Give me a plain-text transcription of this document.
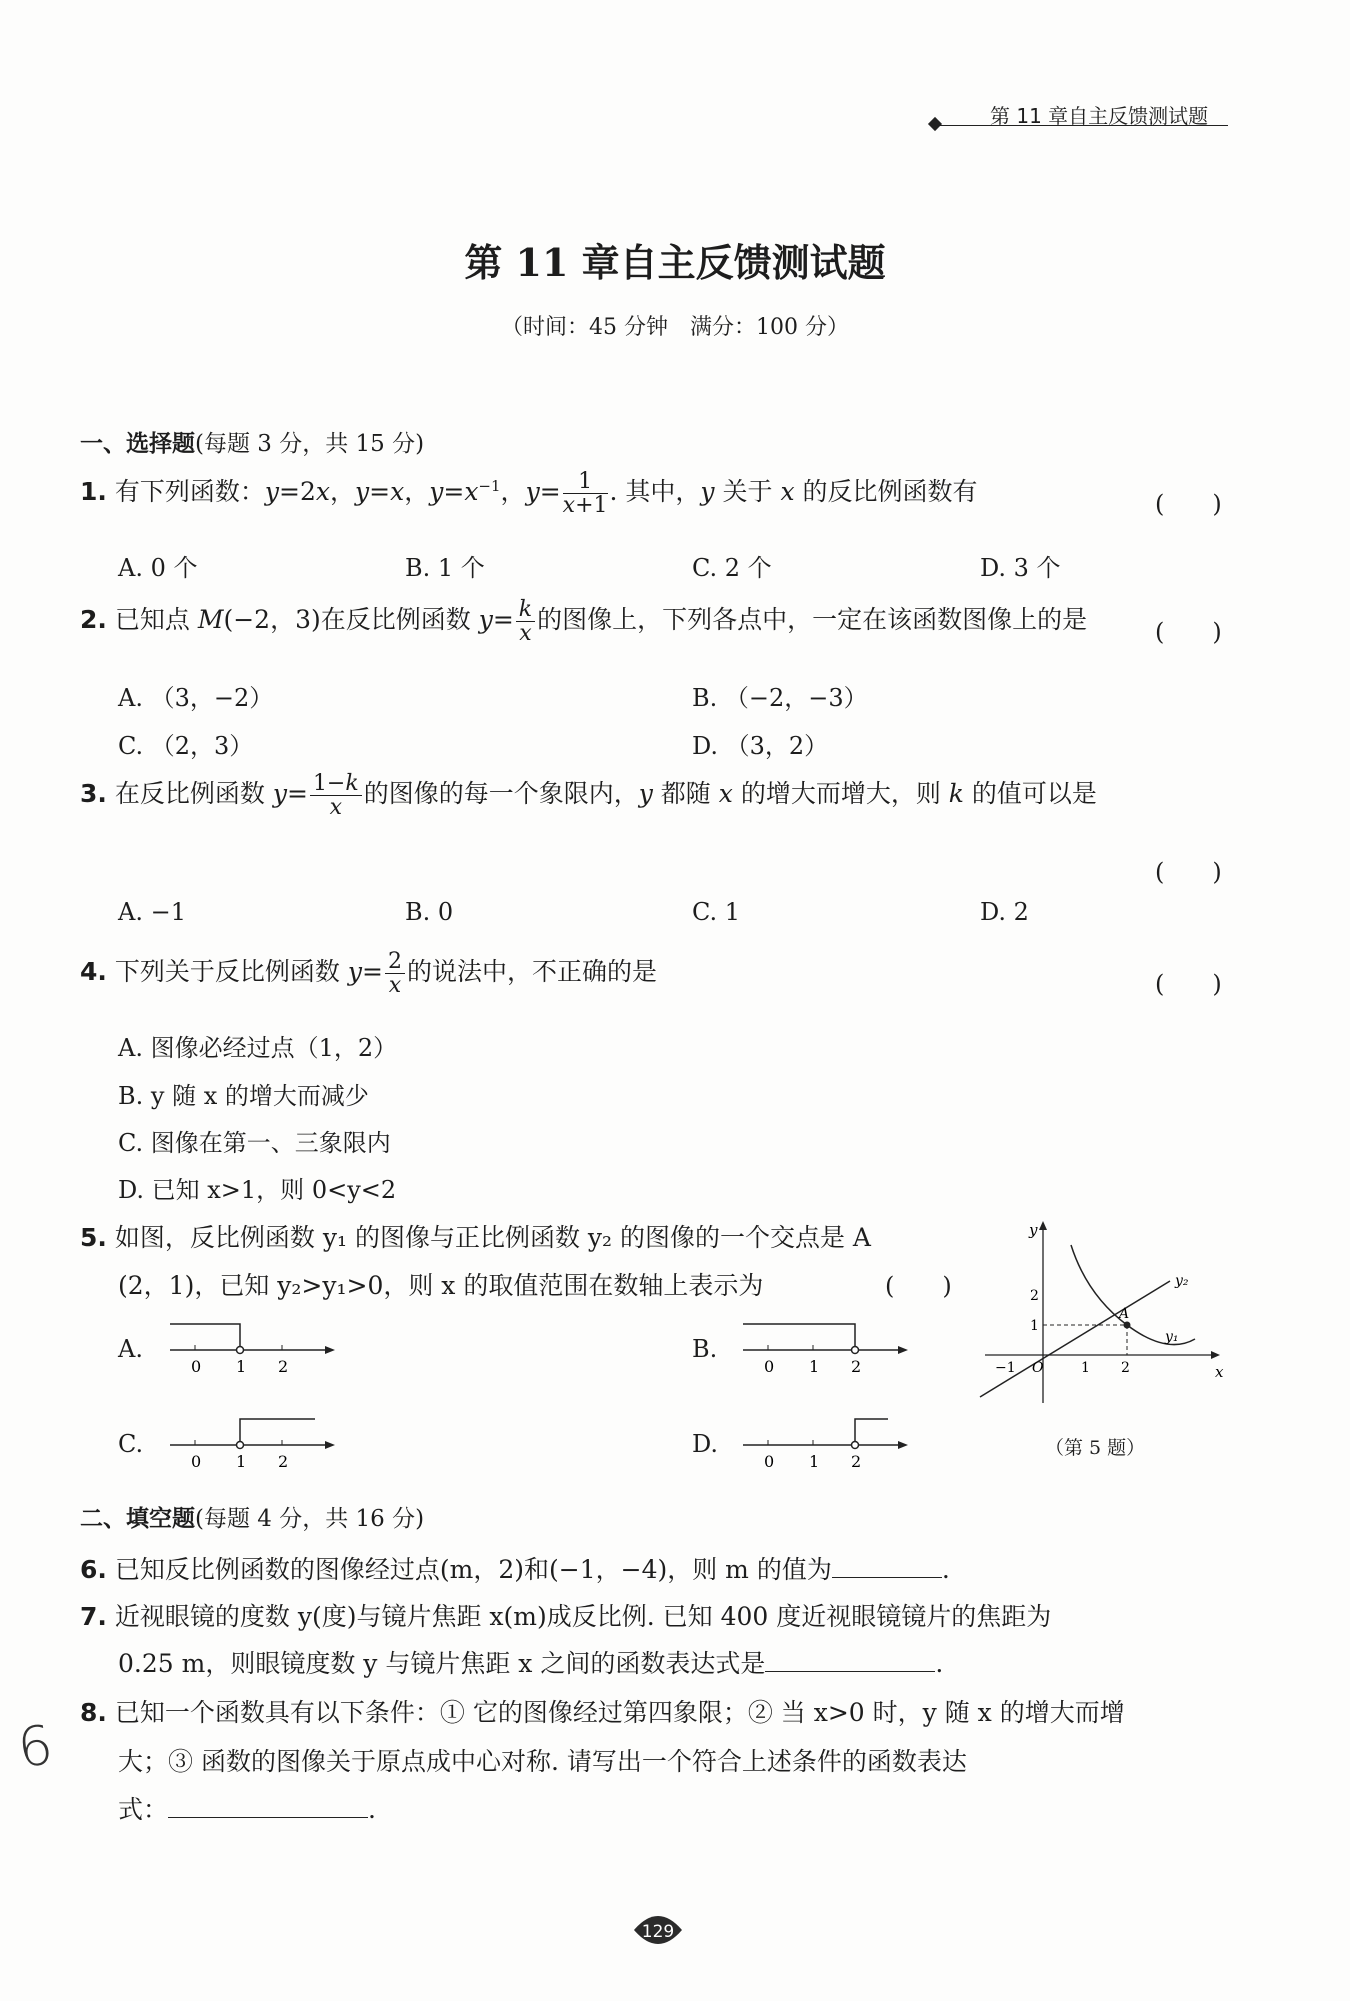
第 11 章自主反馈测试题
第 11 章自主反馈测试题
（时间：45 分钟　满分：100 分）
一、选择题(每题 3 分，共 15 分)
1. 有下列函数：y=2x，y=x，$y=x^{-1}$，$y= \frac{1}{x+1}$ . 其中，y 关于 x 的反比例函数有	(　　)
A. 0 个	B. 1 个	C. 2 个	D. 3 个
2. 已知点 M(−2，3)在反比例函数 $y= \frac{k}{x}$ 的图像上，下列各点中，一定在该函数图像上的是	(　　)
A. （3，−2）	B. （−2，−3）
C. （2，3）	D. （3，2）
3. 在反比例函数 $y= \frac{1-k}{x}$ 的图像的每一个象限内，y 都随 x 的增大而增大，则 k 的值可以是
(　　)
A. −1	B. 0	C. 1	D. 2
4. 下列关于反比例函数 $y= \frac{2}{x}$ 的说法中，不正确的是	(　　)
A. 图像必经过点（1，2）
B. y 随 x 的增大而减少
C. 图像在第一、三象限内
D. 已知 x>1，则 0<y<2
5. 如图，反比例函数 y₁ 的图像与正比例函数 y₂ 的图像的一个交点是 A
(2，1)，已知 y₂>y₁>0，则 x 的取值范围在数轴上表示为	(　　)
A.
0 1 2
B.
0 1 2
C.
0 1 2
D.
0 1 2
y
x
O
A
y₂
y₁
2
1
−1	1 2
（第 5 题）
二、填空题(每题 4 分，共 16 分)
6. 已知反比例函数的图像经过点(m，2)和(−1，−4)，则 m 的值为	.
7. 近视眼镜的度数 y(度)与镜片焦距 x(m)成反比例. 已知 400 度近视眼镜镜片的焦距为
0.25 m，则眼镜度数 y 与镜片焦距 x 之间的函数表达式是	.
8. 已知一个函数具有以下条件：① 它的图像经过第四象限；② 当 x>0 时，y 随 x 的增大而增
大；③ 函数的图像关于原点成中心对称. 请写出一个符合上述条件的函数表达
式：	.
6
129
